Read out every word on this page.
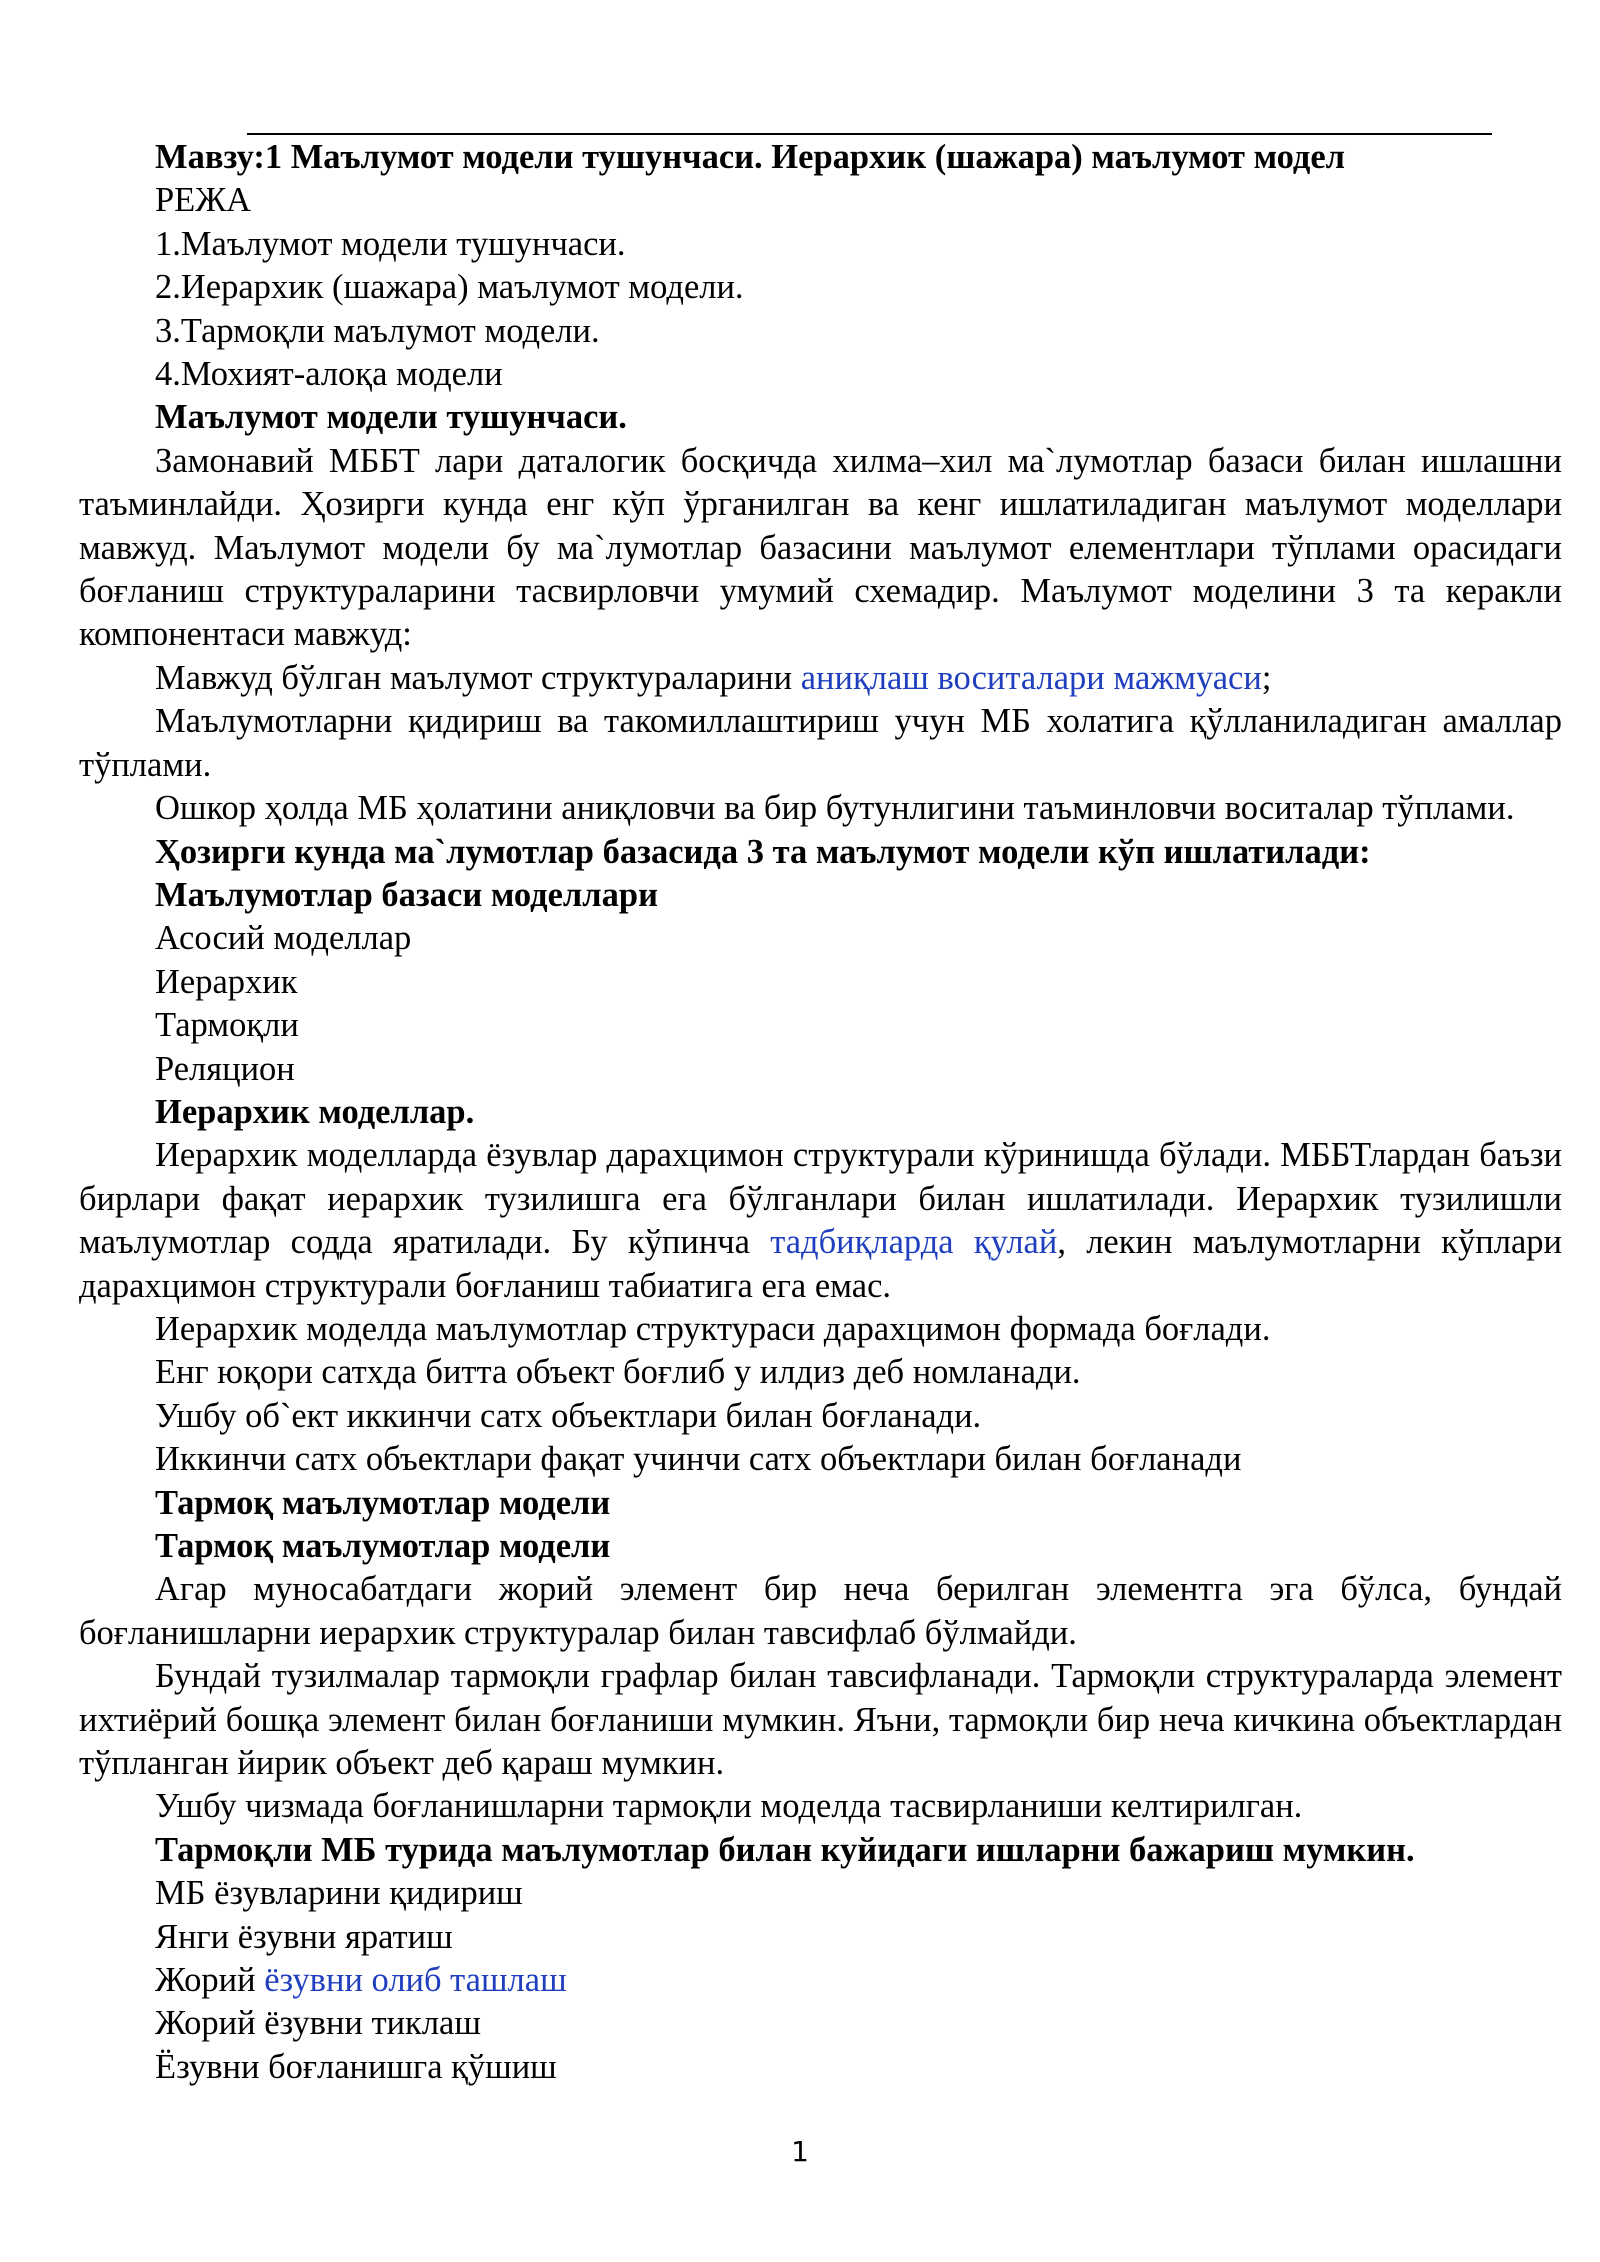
Мавзу:1 Маълумот модели тушунчаси. Иерархик (шажара) маълумот модел

РЕЖА

1.Маълумот модели тушунчаси.

2.Иерархик (шажара) маълумот модели.

3.Тармоқли маълумот модели.

4.Мохият-алоқа модели

Маълумот модели тушунчаси.

Замонавий МББТ лари даталогик босқичда хилма–хил ма`лумотлар базаси билан ишлашни таъминлайди. Ҳозирги кунда енг кўп ўрганилган ва кенг ишлатиладиган маълумот моделлари мавжуд. Маълумот модели бу ма`лумотлар базасини маълумот елементлари тўплами орасидаги боғланиш структураларини тасвирловчи умумий схемадир. Маълумот моделини 3 та керакли компонентаси мавжуд:

Мавжуд бўлган маълумот структураларини аниқлаш воситалари мажмуаси;

Маълумотларни қидириш ва такомиллаштириш учун МБ холатига қўлланиладиган амаллар тўплами.

Ошкор ҳолда МБ ҳолатини аниқловчи ва бир бутунлигини таъминловчи воситалар тўплами.

Ҳозирги кунда ма`лумотлар базасида 3 та маълумот модели кўп ишлатилади:

Маълумотлар базаси моделлари

Асосий моделлар

Иерархик

Тармоқли

Реляцион

Иерархик моделлар.

Иерархик моделларда ёзувлар дарахцимон структурали кўринишда бўлади. МББТлардан баъзи бирлари фақат иерархик тузилишга ега бўлганлари билан ишлатилади. Иерархик тузилишли маълумотлар содда яратилади. Бу кўпинча тадбиқларда қулай, лекин маълумотларни кўплари дарахцимон структурали боғланиш табиатига ега емас.

Иерархик моделда маълумотлар структураси дарахцимон формада боғлади.

Енг юқори сатхда битта объект боғлиб у илдиз деб номланади.

Ушбу об`ект иккинчи сатх объектлари билан боғланади.

Иккинчи сатх объектлари фақат учинчи сатх объектлари билан боғланади

Тармоқ маълумотлар модели

Тармоқ маълумотлар модели

Агар муносабатдаги жорий элемент бир неча берилган элементга эга бўлса, бундай боғланишларни иерархик структуралар билан тавсифлаб бўлмайди.

Бундай тузилмалар тармоқли графлар билан тавсифланади. Тармоқли структураларда элемент ихтиёрий бошқа элемент билан боғланиши мумкин. Яъни, тармоқли бир неча кичкина объектлардан тўпланган йирик объект деб қараш мумкин.

Ушбу чизмада боғланишларни тармоқли моделда тасвирланиши келтирилган.

Тармоқли МБ турида маълумотлар билан куйидаги ишларни бажариш мумкин.

МБ ёзувларини қидириш

Янги ёзувни яратиш

Жорий ёзувни олиб ташлаш

Жорий ёзувни тиклаш

Ёзувни боғланишга қўшиш

1
